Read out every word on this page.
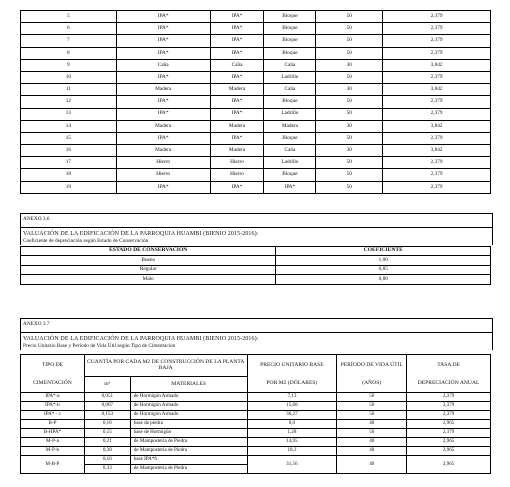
5	IPA*	IPA*	Bloque	50	2,379
6	IPA*	IPA*	Bloque	50	2,379
7	IPA*	IPA*	Bloque	50	2,379
8	IPA*	IPA*	Bloque	50	2,379
9	Caña	Caña	Caña	30	3,842
10	IPA*	IPA*	Ladrillo	50	2,379
11	Madera	Madera	Caña	30	3,842
12	IPA*	IPA*	Bloque	50	2,379
13	IPA*	IPA*	Ladrillo	50	2,379
14	Madera	Madera	Madera	30	3,842
15	IPA*	IPA*	Bloque	50	2,379
16	Madera	Madera	Caña	30	3,842
17	Hierro	Hierro	Ladrillo	50	2,379
18	Hierro	Hierro	Bloque	50	2,379
19	IPA*	IPA*	IPA*	50	2,379
ANEXO 3.6
VALUACIÓN DE LA EDIFICACIÓN DE LA PARROQUIA HUAMBI (BIENIO 2015-2016):
Coeficiente de depreciación según Estado de Conservación
ESTADO DE CONSERVACIÓN	COEFICIENTE
Bueno	1,00
Regular	0,85
Malo	0,80
ANEXO 3.7
VALUACIÓN DE LA EDIFICACIÓN DE LA PARROQUIA HUAMBI (BIENIO 2015-2016):
Precio Unitario Base y Período de Vida Útil según Tipo de Cimentación
TIPO DE	CUANTÍA POR CADA M2 DE CONSTRUCCIÓN DE LA PLANTA BAJA		PRECIO UNITARIO BASE	PERÍODO DE VIDA ÚTIL	TASA DE
CIMENTACIÓN	m³	MATERIALES	POR M2 (DÓLARES)	(AÑOS)	DEPRECIACIÓN ANUAL
IPA*-a	0,051	de Hormigón Armado	7,13	50	2,379
IPA*-b	0,067	de Hormigón Armado	15,68	50	2,379
IPA* - c	0,153	de Hormigón Armado	36,27	50	2,379
B-P	0,16	base de piedra	0,0	40	2,965
B-HPA*	0,15	base de Hormigón	1,28	50	2,379
M-P-a	0,21	de Mampostería de Piedra	14,95	40	2,965
M-P-b	0,38	de Mampostería de Piedra	18,3	40	2,965
M-B-P	0,16	base IPA*6	31,56	40	2,965
	0,33	de Mampostería de Piedra			
